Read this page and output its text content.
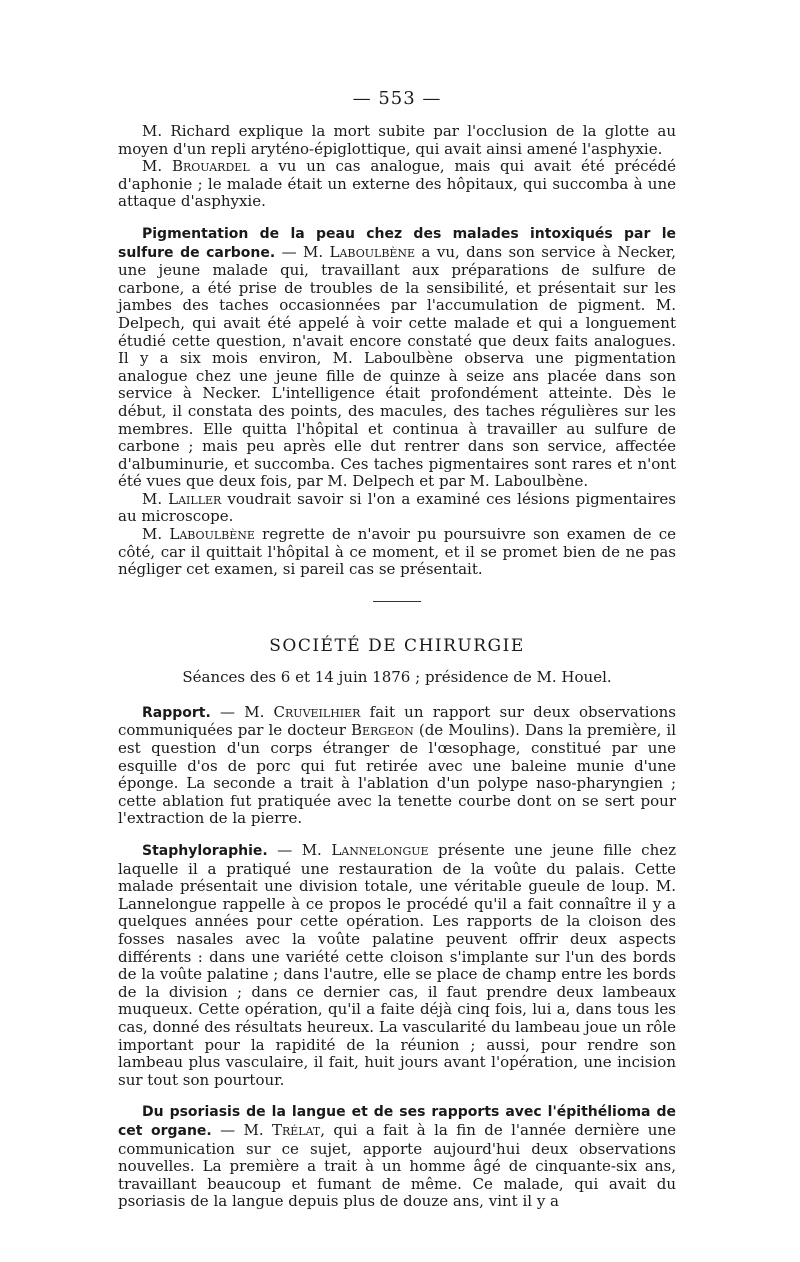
— 553 —

M. Richard explique la mort subite par l'occlusion de la glotte au moyen d'un repli aryténo-épiglottique, qui avait ainsi amené l'asphyxie.

M. Brouardel a vu un cas analogue, mais qui avait été précédé d'aphonie ; le malade était un externe des hôpitaux, qui succomba à une attaque d'asphyxie.

Pigmentation de la peau chez des malades intoxiqués par le sulfure de carbone. — M. Laboulbène a vu, dans son service à Necker, une jeune malade qui, travaillant aux préparations de sulfure de carbone, a été prise de troubles de la sensibilité, et présentait sur les jambes des taches occasionnées par l'accumulation de pigment. M. Delpech, qui avait été appelé à voir cette malade et qui a longuement étudié cette question, n'avait encore constaté que deux faits analogues. Il y a six mois environ, M. Laboulbène observa une pigmentation analogue chez une jeune fille de quinze à seize ans placée dans son service à Necker. L'intelligence était profondément atteinte. Dès le début, il constata des points, des macules, des taches régulières sur les membres. Elle quitta l'hôpital et continua à travailler au sulfure de carbone ; mais peu après elle dut rentrer dans son service, affectée d'albuminurie, et succomba. Ces taches pigmentaires sont rares et n'ont été vues que deux fois, par M. Delpech et par M. Laboulbène.

M. Lailler voudrait savoir si l'on a examiné ces lésions pigmentaires au microscope.

M. Laboulbène regrette de n'avoir pu poursuivre son examen de ce côté, car il quittait l'hôpital à ce moment, et il se promet bien de ne pas négliger cet examen, si pareil cas se présentait.

SOCIÉTÉ DE CHIRURGIE
Séances des 6 et 14 juin 1876 ; présidence de M. Houel.

Rapport. — M. Cruveilhier fait un rapport sur deux observations communiquées par le docteur Bergeon (de Moulins). Dans la première, il est question d'un corps étranger de l'œsophage, constitué par une esquille d'os de porc qui fut retirée avec une baleine munie d'une éponge. La seconde a trait à l'ablation d'un polype naso-pharyngien ; cette ablation fut pratiquée avec la tenette courbe dont on se sert pour l'extraction de la pierre.

Staphyloraphie. — M. Lannelongue présente une jeune fille chez laquelle il a pratiqué une restauration de la voûte du palais. Cette malade présentait une division totale, une véritable gueule de loup. M. Lannelongue rappelle à ce propos le procédé qu'il a fait connaître il y a quelques années pour cette opération. Les rapports de la cloison des fosses nasales avec la voûte palatine peuvent offrir deux aspects différents : dans une variété cette cloison s'implante sur l'un des bords de la voûte palatine ; dans l'autre, elle se place de champ entre les bords de la division ; dans ce dernier cas, il faut prendre deux lambeaux muqueux. Cette opération, qu'il a faite déjà cinq fois, lui a, dans tous les cas, donné des résultats heureux. La vascularité du lambeau joue un rôle important pour la rapidité de la réunion ; aussi, pour rendre son lambeau plus vasculaire, il fait, huit jours avant l'opération, une incision sur tout son pourtour.

Du psoriasis de la langue et de ses rapports avec l'épithélioma de cet organe. — M. Trélat, qui a fait à la fin de l'année dernière une communication sur ce sujet, apporte aujourd'hui deux observations nouvelles. La première a trait à un homme âgé de cinquante-six ans, travaillant beaucoup et fumant de même. Ce malade, qui avait du psoriasis de la langue depuis plus de douze ans, vint il y a
